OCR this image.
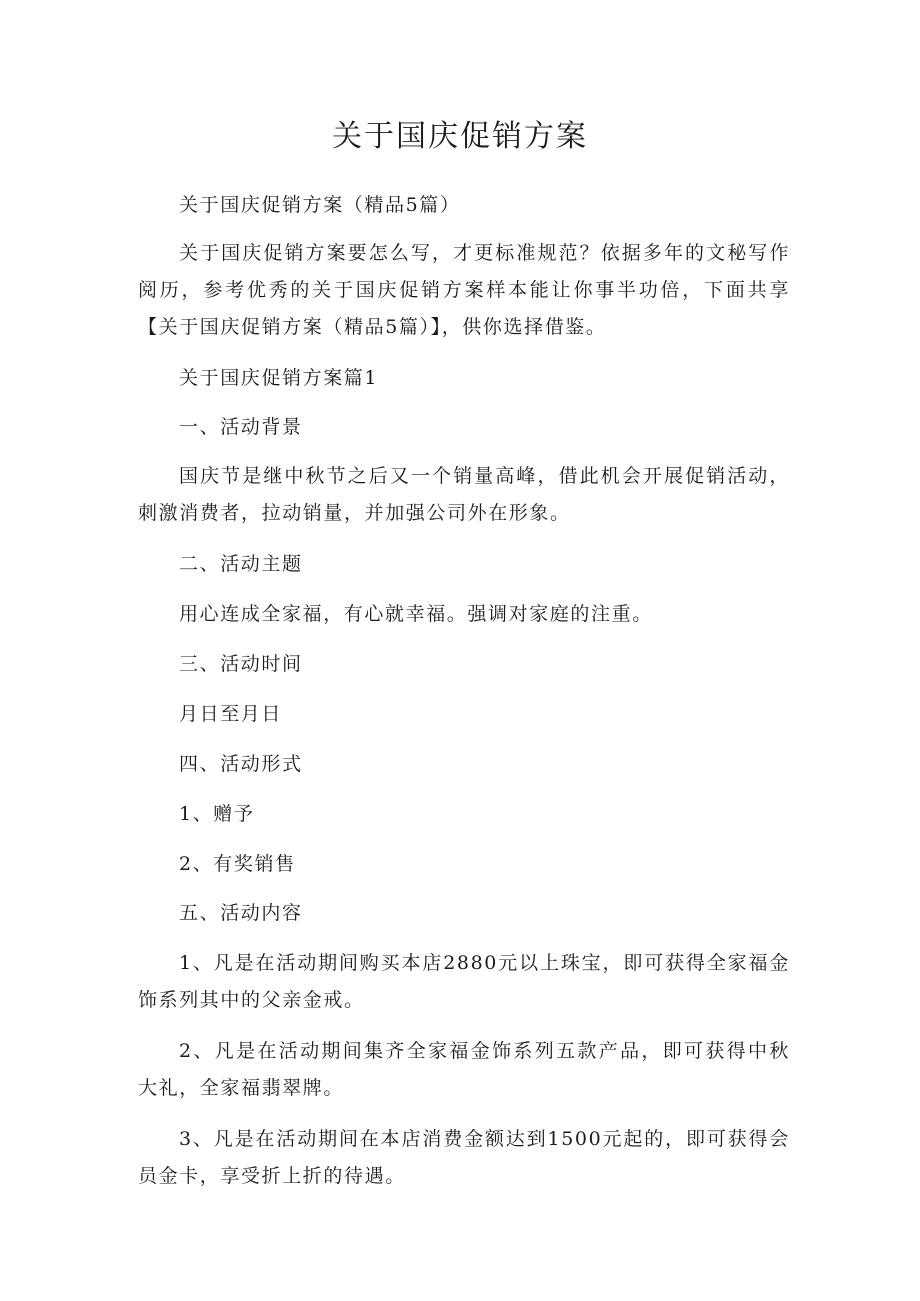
关于国庆促销方案

关于国庆促销方案（精品5篇）

关于国庆促销方案要怎么写，才更标准规范？依据多年的文秘写作阅历，参考优秀的关于国庆促销方案样本能让你事半功倍，下面共享【关于国庆促销方案（精品5篇）】，供你选择借鉴。

关于国庆促销方案篇1

一、活动背景

国庆节是继中秋节之后又一个销量高峰，借此机会开展促销活动，刺激消费者，拉动销量，并加强公司外在形象。

二、活动主题

用心连成全家福，有心就幸福。强调对家庭的注重。

三、活动时间

月日至月日

四、活动形式

1、赠予

2、有奖销售

五、活动内容

1、凡是在活动期间购买本店2880元以上珠宝，即可获得全家福金饰系列其中的父亲金戒。

2、凡是在活动期间集齐全家福金饰系列五款产品，即可获得中秋大礼，全家福翡翠牌。

3、凡是在活动期间在本店消费金额达到1500元起的，即可获得会员金卡，享受折上折的待遇。
